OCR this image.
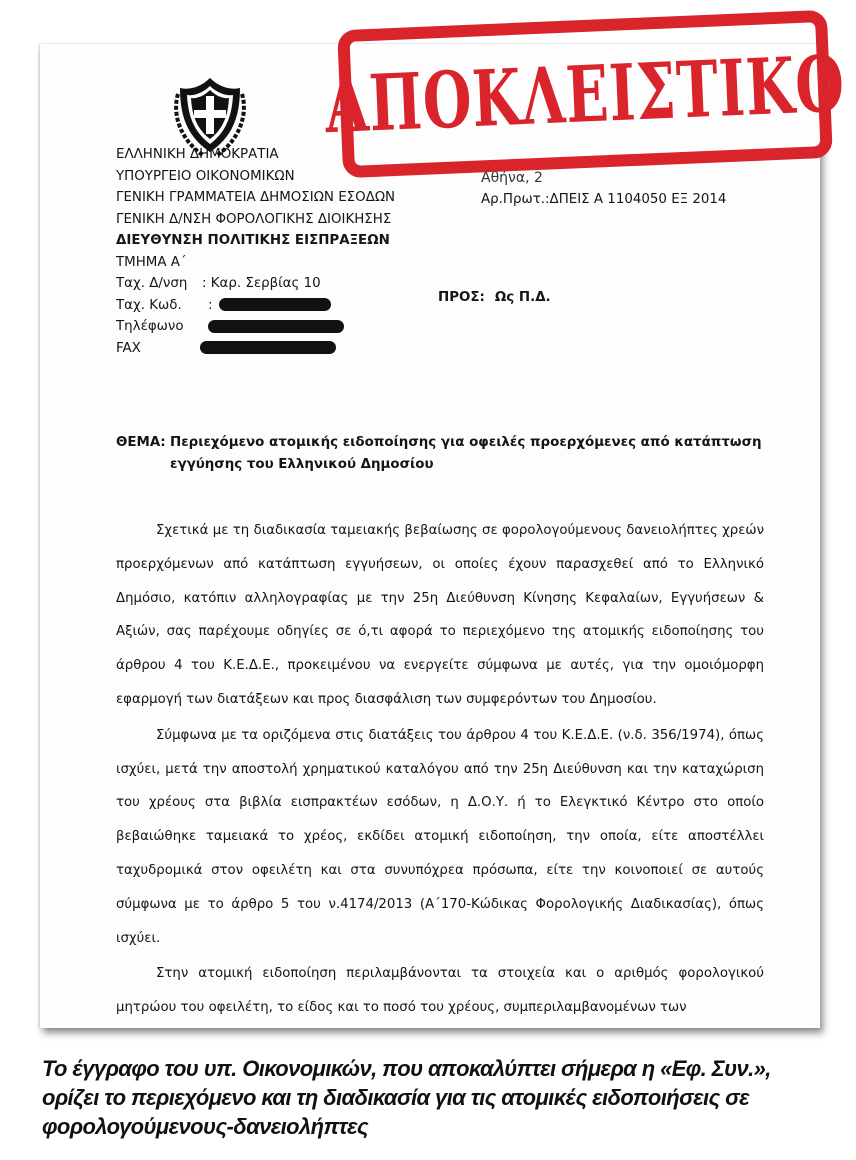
ΕΛΛΗΝΙΚΗ ΔΗΜΟΚΡΑΤΙΑ
ΥΠΟΥΡΓΕΙΟ ΟΙΚΟΝΟΜΙΚΩΝ
ΓΕΝΙΚΗ ΓΡΑΜΜΑΤΕΙΑ ΔΗΜΟΣΙΩΝ ΕΣΟΔΩΝ
ΓΕΝΙΚΗ Δ/ΝΣΗ ΦΟΡΟΛΟΓΙΚΗΣ ΔΙΟΙΚΗΣΗΣ
ΔΙΕΥΘΥΝΣΗ ΠΟΛΙΤΙΚΗΣ ΕΙΣΠΡΑΞΕΩΝ
ΤΜΗΜΑ Α΄
Ταχ. Δ/νση : Καρ. Σερβίας 10
Ταχ. Κωδ. :
Τηλέφωνο
FAX
Αθήνα, 2
Αρ.Πρωτ.:ΔΠΕΙΣ Α 1104050 ΕΞ 2014
ΠΡΟΣ: Ως Π.Δ.
ΘΕΜΑ: Περιεχόμενο ατομικής ειδοποίησης για οφειλές προερχόμενες από κατάπτωση εγγύησης του Ελληνικού Δημοσίου

Σχετικά με τη διαδικασία ταμειακής βεβαίωσης σε φορολογούμενους δανειολήπτες χρεών προερχόμενων από κατάπτωση εγγυήσεων, οι οποίες έχουν παρασχεθεί από το Ελληνικό Δημόσιο, κατόπιν αλληλογραφίας με την 25η Διεύθυνση Κίνησης Κεφαλαίων, Εγγυήσεων & Αξιών, σας παρέχουμε οδηγίες σε ό,τι αφορά το περιεχόμενο της ατομικής ειδοποίησης του άρθρου 4 του Κ.Ε.Δ.Ε., προκειμένου να ενεργείτε σύμφωνα με αυτές, για την ομοιόμορφη εφαρμογή των διατάξεων και προς διασφάλιση των συμφερόντων του Δημοσίου.

Σύμφωνα με τα οριζόμενα στις διατάξεις του άρθρου 4 του Κ.Ε.Δ.Ε. (ν.δ. 356/1974), όπως ισχύει, μετά την αποστολή χρηματικού καταλόγου από την 25η Διεύθυνση και την καταχώριση του χρέους στα βιβλία εισπρακτέων εσόδων, η Δ.Ο.Υ. ή το Ελεγκτικό Κέντρο στο οποίο βεβαιώθηκε ταμειακά το χρέος, εκδίδει ατομική ειδοποίηση, την οποία, είτε αποστέλλει ταχυδρομικά στον οφειλέτη και στα συνυπόχρεα πρόσωπα, είτε την κοινοποιεί σε αυτούς σύμφωνα με το άρθρο 5 του ν.4174/2013 (Α΄170-Κώδικας Φορολογικής Διαδικασίας), όπως ισχύει.

Στην ατομική ειδοποίηση περιλαμβάνονται τα στοιχεία και ο αριθμός φορολογικού μητρώου του οφειλέτη, το είδος και το ποσό του χρέους, συμπεριλαμβανομένων των

ΑΠΟΚΛΕΙΣΤΙΚΟ
Το έγγραφο του υπ. Οικονομικών, που αποκαλύπτει σήμερα η «Εφ. Συν.», ορίζει το περιεχόμενο και τη διαδικασία για τις ατομικές ειδοποιήσεις σε φορολογούμενους-δανειολήπτες
